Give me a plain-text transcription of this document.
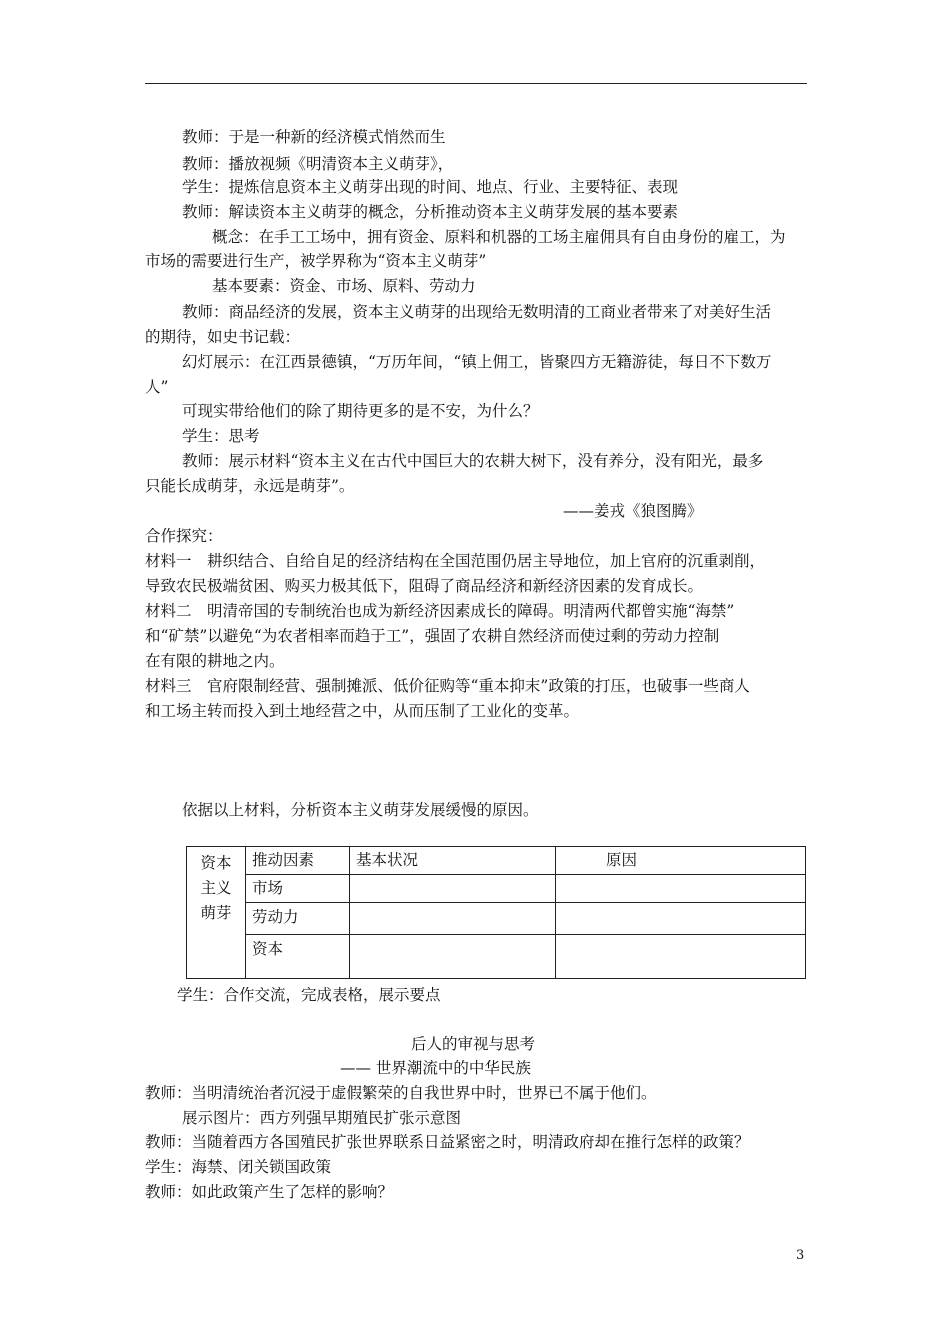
教师：于是一种新的经济模式悄然而生
教师：播放视频《明清资本主义萌芽》，
学生：提炼信息资本主义萌芽出现的时间、地点、行业、主要特征、表现
教师：解读资本主义萌芽的概念，分析推动资本主义萌芽发展的基本要素
概念：在手工工场中，拥有资金、原料和机器的工场主雇佣具有自由身份的雇工，为
市场的需要进行生产，被学界称为“资本主义萌芽”
基本要素：资金、市场、原料、劳动力
教师：商品经济的发展，资本主义萌芽的出现给无数明清的工商业者带来了对美好生活
的期待，如史书记载：
幻灯展示：在江西景德镇，“万历年间，“镇上佣工，皆聚四方无籍游徒，每日不下数万
人”
可现实带给他们的除了期待更多的是不安，为什么？
学生：思考
教师：展示材料“资本主义在古代中国巨大的农耕大树下，没有养分，没有阳光，最多
只能长成萌芽，永远是萌芽”。
——姜戎《狼图腾》
合作探究：
材料一　耕织结合、自给自足的经济结构在全国范围仍居主导地位，加上官府的沉重剥削，
导致农民极端贫困、购买力极其低下，阻碍了商品经济和新经济因素的发育成长。
材料二　明清帝国的专制统治也成为新经济因素成长的障碍。明清两代都曾实施“海禁”
和“矿禁”以避免“为农者相率而趋于工”，强固了农耕自然经济而使过剩的劳动力控制
在有限的耕地之内。
材料三　官府限制经营、强制摊派、低价征购等“重本抑末”政策的打压，也破事一些商人
和工场主转而投入到土地经营之中，从而压制了工业化的变革。
依据以上材料，分析资本主义萌芽发展缓慢的原因。
资本
主义
萌芽	推动因素	基本状况	原因
	市场		
	劳动力		
	资本		
学生：合作交流，完成表格，展示要点
后人的审视与思考
—— 世界潮流中的中华民族
教师：当明清统治者沉浸于虚假繁荣的自我世界中时，世界已不属于他们。
展示图片：西方列强早期殖民扩张示意图
教师：当随着西方各国殖民扩张世界联系日益紧密之时，明清政府却在推行怎样的政策？
学生：海禁、闭关锁国政策
教师：如此政策产生了怎样的影响？
3
